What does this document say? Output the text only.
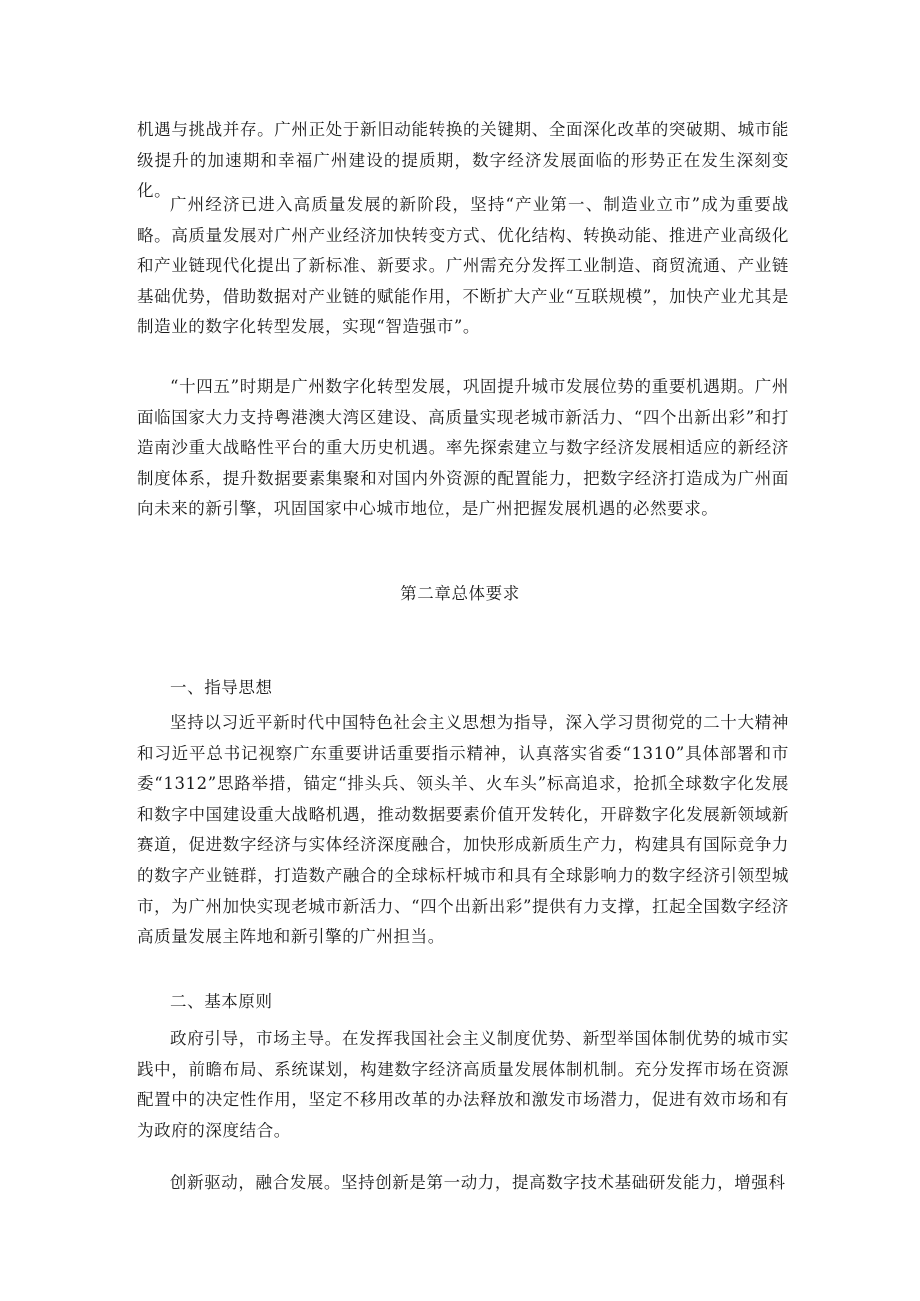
机遇与挑战并存。广州正处于新旧动能转换的关键期、全面深化改革的突破期、城市能级提升的加速期和幸福广州建设的提质期，数字经济发展面临的形势正在发生深刻变化。

广州经济已进入高质量发展的新阶段，坚持“产业第一、制造业立市”成为重要战略。高质量发展对广州产业经济加快转变方式、优化结构、转换动能、推进产业高级化和产业链现代化提出了新标准、新要求。广州需充分发挥工业制造、商贸流通、产业链基础优势，借助数据对产业链的赋能作用，不断扩大产业“互联规模”，加快产业尤其是制造业的数字化转型发展，实现“智造强市”。

“十四五”时期是广州数字化转型发展，巩固提升城市发展位势的重要机遇期。广州面临国家大力支持粤港澳大湾区建设、高质量实现老城市新活力、“四个出新出彩”和打造南沙重大战略性平台的重大历史机遇。率先探索建立与数字经济发展相适应的新经济制度体系，提升数据要素集聚和对国内外资源的配置能力，把数字经济打造成为广州面向未来的新引擎，巩固国家中心城市地位，是广州把握发展机遇的必然要求。

第二章总体要求
一、指导思想

坚持以习近平新时代中国特色社会主义思想为指导，深入学习贯彻党的二十大精神和习近平总书记视察广东重要讲话重要指示精神，认真落实省委“1310”具体部署和市委“1312”思路举措，锚定“排头兵、领头羊、火车头”标高追求，抢抓全球数字化发展和数字中国建设重大战略机遇，推动数据要素价值开发转化，开辟数字化发展新领域新赛道，促进数字经济与实体经济深度融合，加快形成新质生产力，构建具有国际竞争力的数字产业链群，打造数产融合的全球标杆城市和具有全球影响力的数字经济引领型城市，为广州加快实现老城市新活力、“四个出新出彩”提供有力支撑，扛起全国数字经济高质量发展主阵地和新引擎的广州担当。

二、基本原则

政府引导，市场主导。在发挥我国社会主义制度优势、新型举国体制优势的城市实践中，前瞻布局、系统谋划，构建数字经济高质量发展体制机制。充分发挥市场在资源配置中的决定性作用，坚定不移用改革的办法释放和激发市场潜力，促进有效市场和有为政府的深度结合。

创新驱动，融合发展。坚持创新是第一动力，提高数字技术基础研发能力，增强科
